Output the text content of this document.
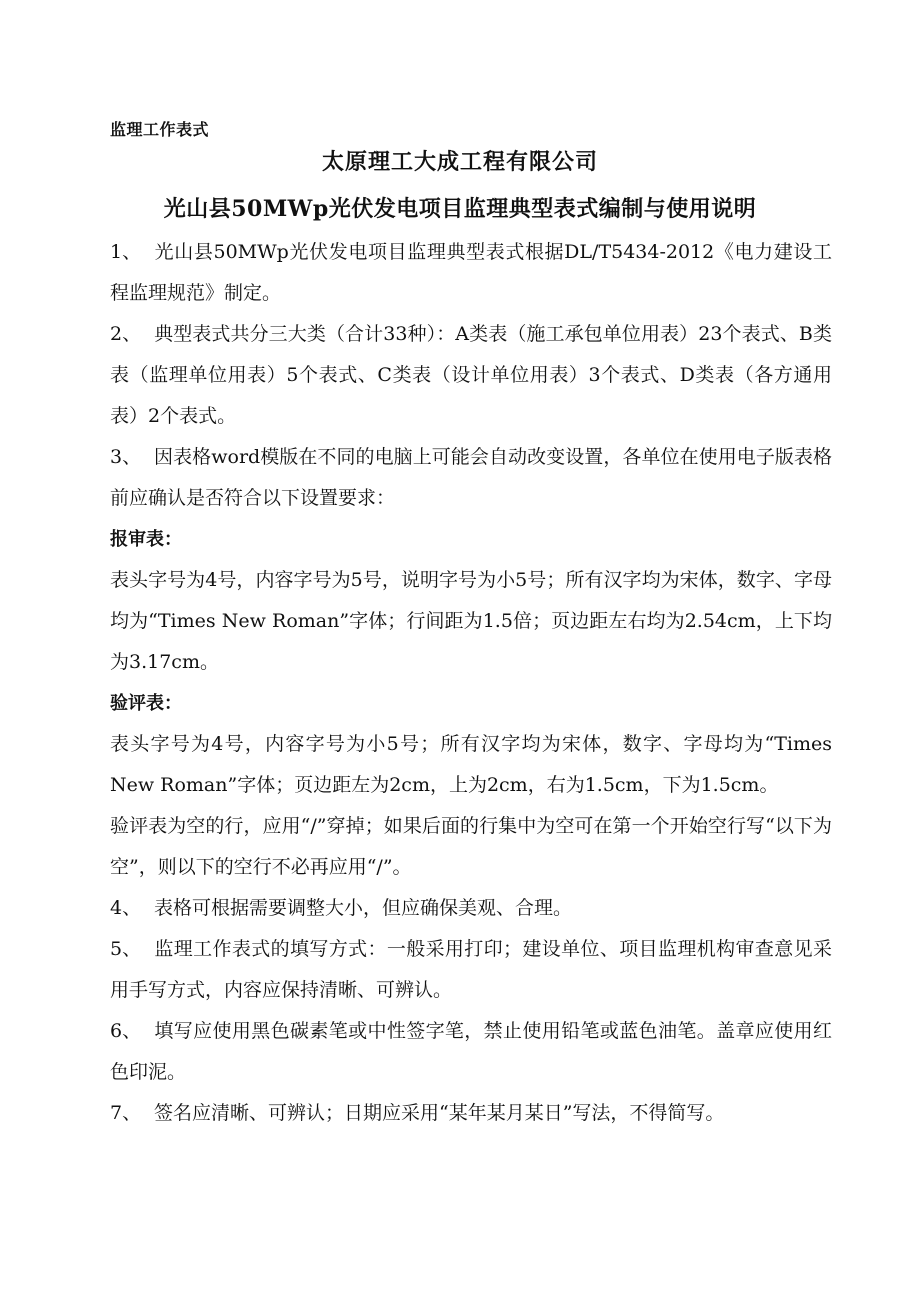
监理工作表式
太原理工大成工程有限公司
光山县50MWp光伏发电项目监理典型表式编制与使用说明

1、 光山县50MWp光伏发电项目监理典型表式根据DL/T5434-2012《电力建设工程监理规范》制定。

2、 典型表式共分三大类（合计33种）：A类表（施工承包单位用表）23个表式、B类表（监理单位用表）5个表式、C类表（设计单位用表）3个表式、D类表（各方通用表）2个表式。

3、 因表格word模版在不同的电脑上可能会自动改变设置，各单位在使用电子版表格前应确认是否符合以下设置要求：

报审表：

表头字号为4号，内容字号为5号，说明字号为小5号；所有汉字均为宋体，数字、字母均为“Times New Roman”字体；行间距为1.5倍；页边距左右均为2.54cm，上下均为3.17cm。

验评表：

表头字号为4号，内容字号为小5号；所有汉字均为宋体，数字、字母均为“Times New Roman”字体；页边距左为2cm，上为2cm，右为1.5cm，下为1.5cm。

验评表为空的行，应用“/”穿掉；如果后面的行集中为空可在第一个开始空行写“以下为空”，则以下的空行不必再应用“/”。

4、 表格可根据需要调整大小，但应确保美观、合理。

5、 监理工作表式的填写方式：一般采用打印；建设单位、项目监理机构审查意见采用手写方式，内容应保持清晰、可辨认。

6、 填写应使用黑色碳素笔或中性签字笔，禁止使用铅笔或蓝色油笔。盖章应使用红色印泥。

7、 签名应清晰、可辨认；日期应采用“某年某月某日”写法，不得简写。
